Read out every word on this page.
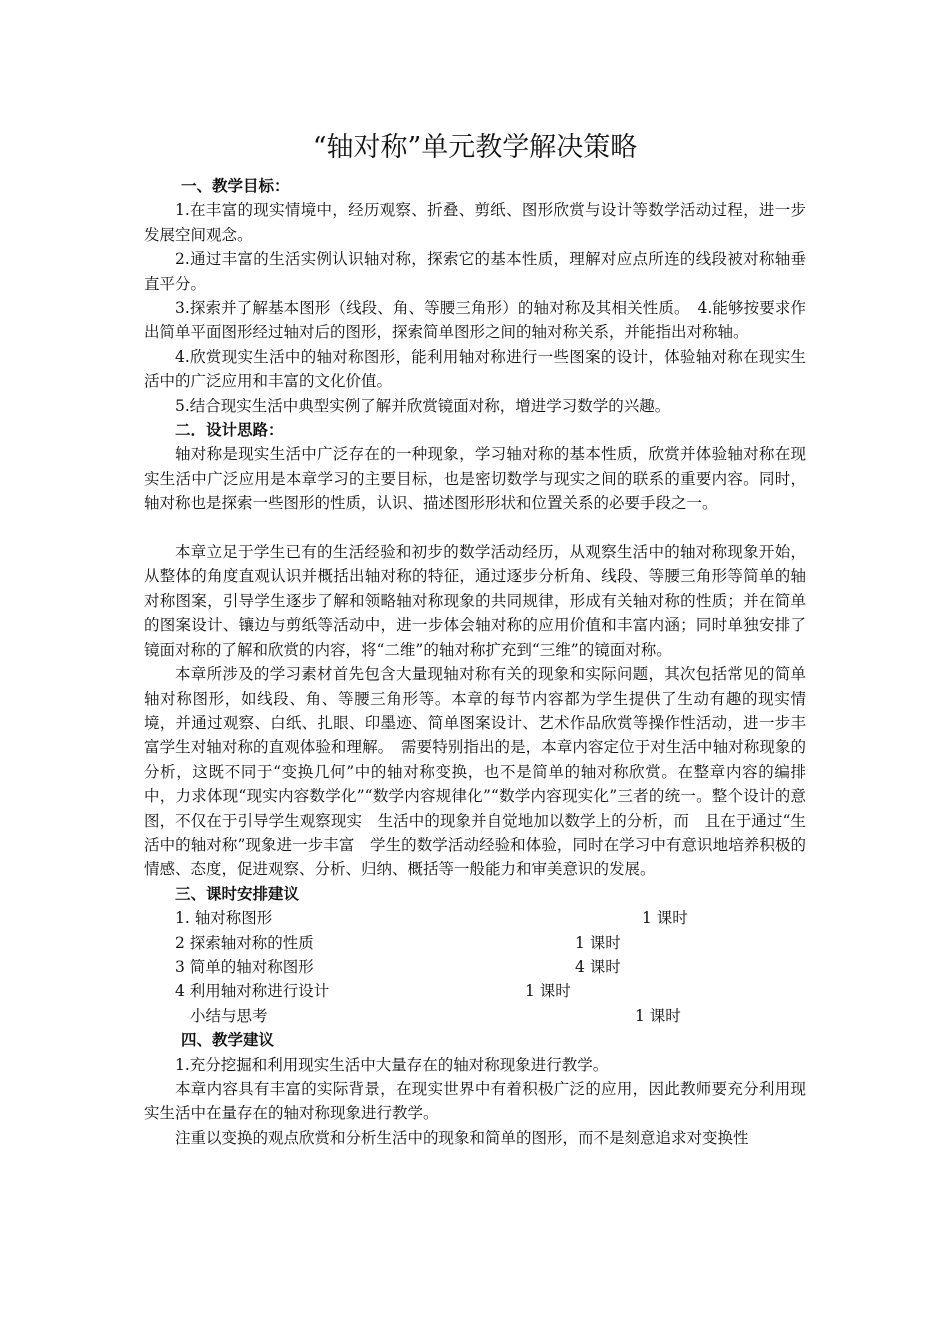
“轴对称”单元教学解决策略
一、教学目标：

1.在丰富的现实情境中，经历观察、折叠、剪纸、图形欣赏与设计等数学活动过程，进一步发展空间观念。

2.通过丰富的生活实例认识轴对称，探索它的基本性质，理解对应点所连的线段被对称轴垂直平分。

3.探索并了解基本图形（线段、角、等腰三角形）的轴对称及其相关性质。　4.能够按要求作出简单平面图形经过轴对后的图形，探索简单图形之间的轴对称关系，并能指出对称轴。

4.欣赏现实生活中的轴对称图形，能利用轴对称进行一些图案的设计，体验轴对称在现实生活中的广泛应用和丰富的文化价值。

5.结合现实生活中典型实例了解并欣赏镜面对称，增进学习数学的兴趣。

二．设计思路：

轴对称是现实生活中广泛存在的一种现象，学习轴对称的基本性质，欣赏并体验轴对称在现实生活中广泛应用是本章学习的主要目标，也是密切数学与现实之间的联系的重要内容。同时，轴对称也是探索一些图形的性质，认识、描述图形形状和位置关系的必要手段之一。

本章立足于学生已有的生活经验和初步的数学活动经历，从观察生活中的轴对称现象开始，从整体的角度直观认识并概括出轴对称的特征，通过逐步分析角、线段、等腰三角形等简单的轴对称图案，引导学生逐步了解和领略轴对称现象的共同规律，形成有关轴对称的性质；并在简单的图案设计、镶边与剪纸等活动中，进一步体会轴对称的应用价值和丰富内涵；同时单独安排了镜面对称的了解和欣赏的内容，将“二维”的轴对称扩充到“三维”的镜面对称。

本章所涉及的学习素材首先包含大量现轴对称有关的现象和实际问题，其次包括常见的简单轴对称图形，如线段、角、等腰三角形等。本章的每节内容都为学生提供了生动有趣的现实情境，并通过观察、白纸、扎眼、印墨迹、简单图案设计、艺术作品欣赏等操作性活动，进一步丰富学生对轴对称的直观体验和理解。　需要特别指出的是，本章内容定位于对生活中轴对称现象的分析，这既不同于“变换几何”中的轴对称变换，也不是简单的轴对称欣赏。在整章内容的编排中，力求体现“现实内容数学化”“数学内容规律化”“数学内容现实化”三者的统一。整个设计的意图，不仅在于引导学生观察现实　生活中的现象并自觉地加以数学上的分析，而　且在于通过“生活中的轴对称”现象进一步丰富　学生的数学活动经验和体验，同时在学习中有意识地培养积极的情感、态度，促进观察、分析、归纳、概括等一般能力和审美意识的发展。

三、课时安排建议
1. 轴对称图形	1 课时
2 探索轴对称的性质	1 课时
3 简单的轴对称图形	4 课时
4 利用轴对称进行设计	1 课时
小结与思考	1 课时
四、教学建议

1.充分挖掘和利用现实生活中大量存在的轴对称现象进行教学。

本章内容具有丰富的实际背景，在现实世界中有着积极广泛的应用，因此教师要充分利用现实生活中在量存在的轴对称现象进行教学。

注重以变换的观点欣赏和分析生活中的现象和简单的图形，而不是刻意追求对变换性
